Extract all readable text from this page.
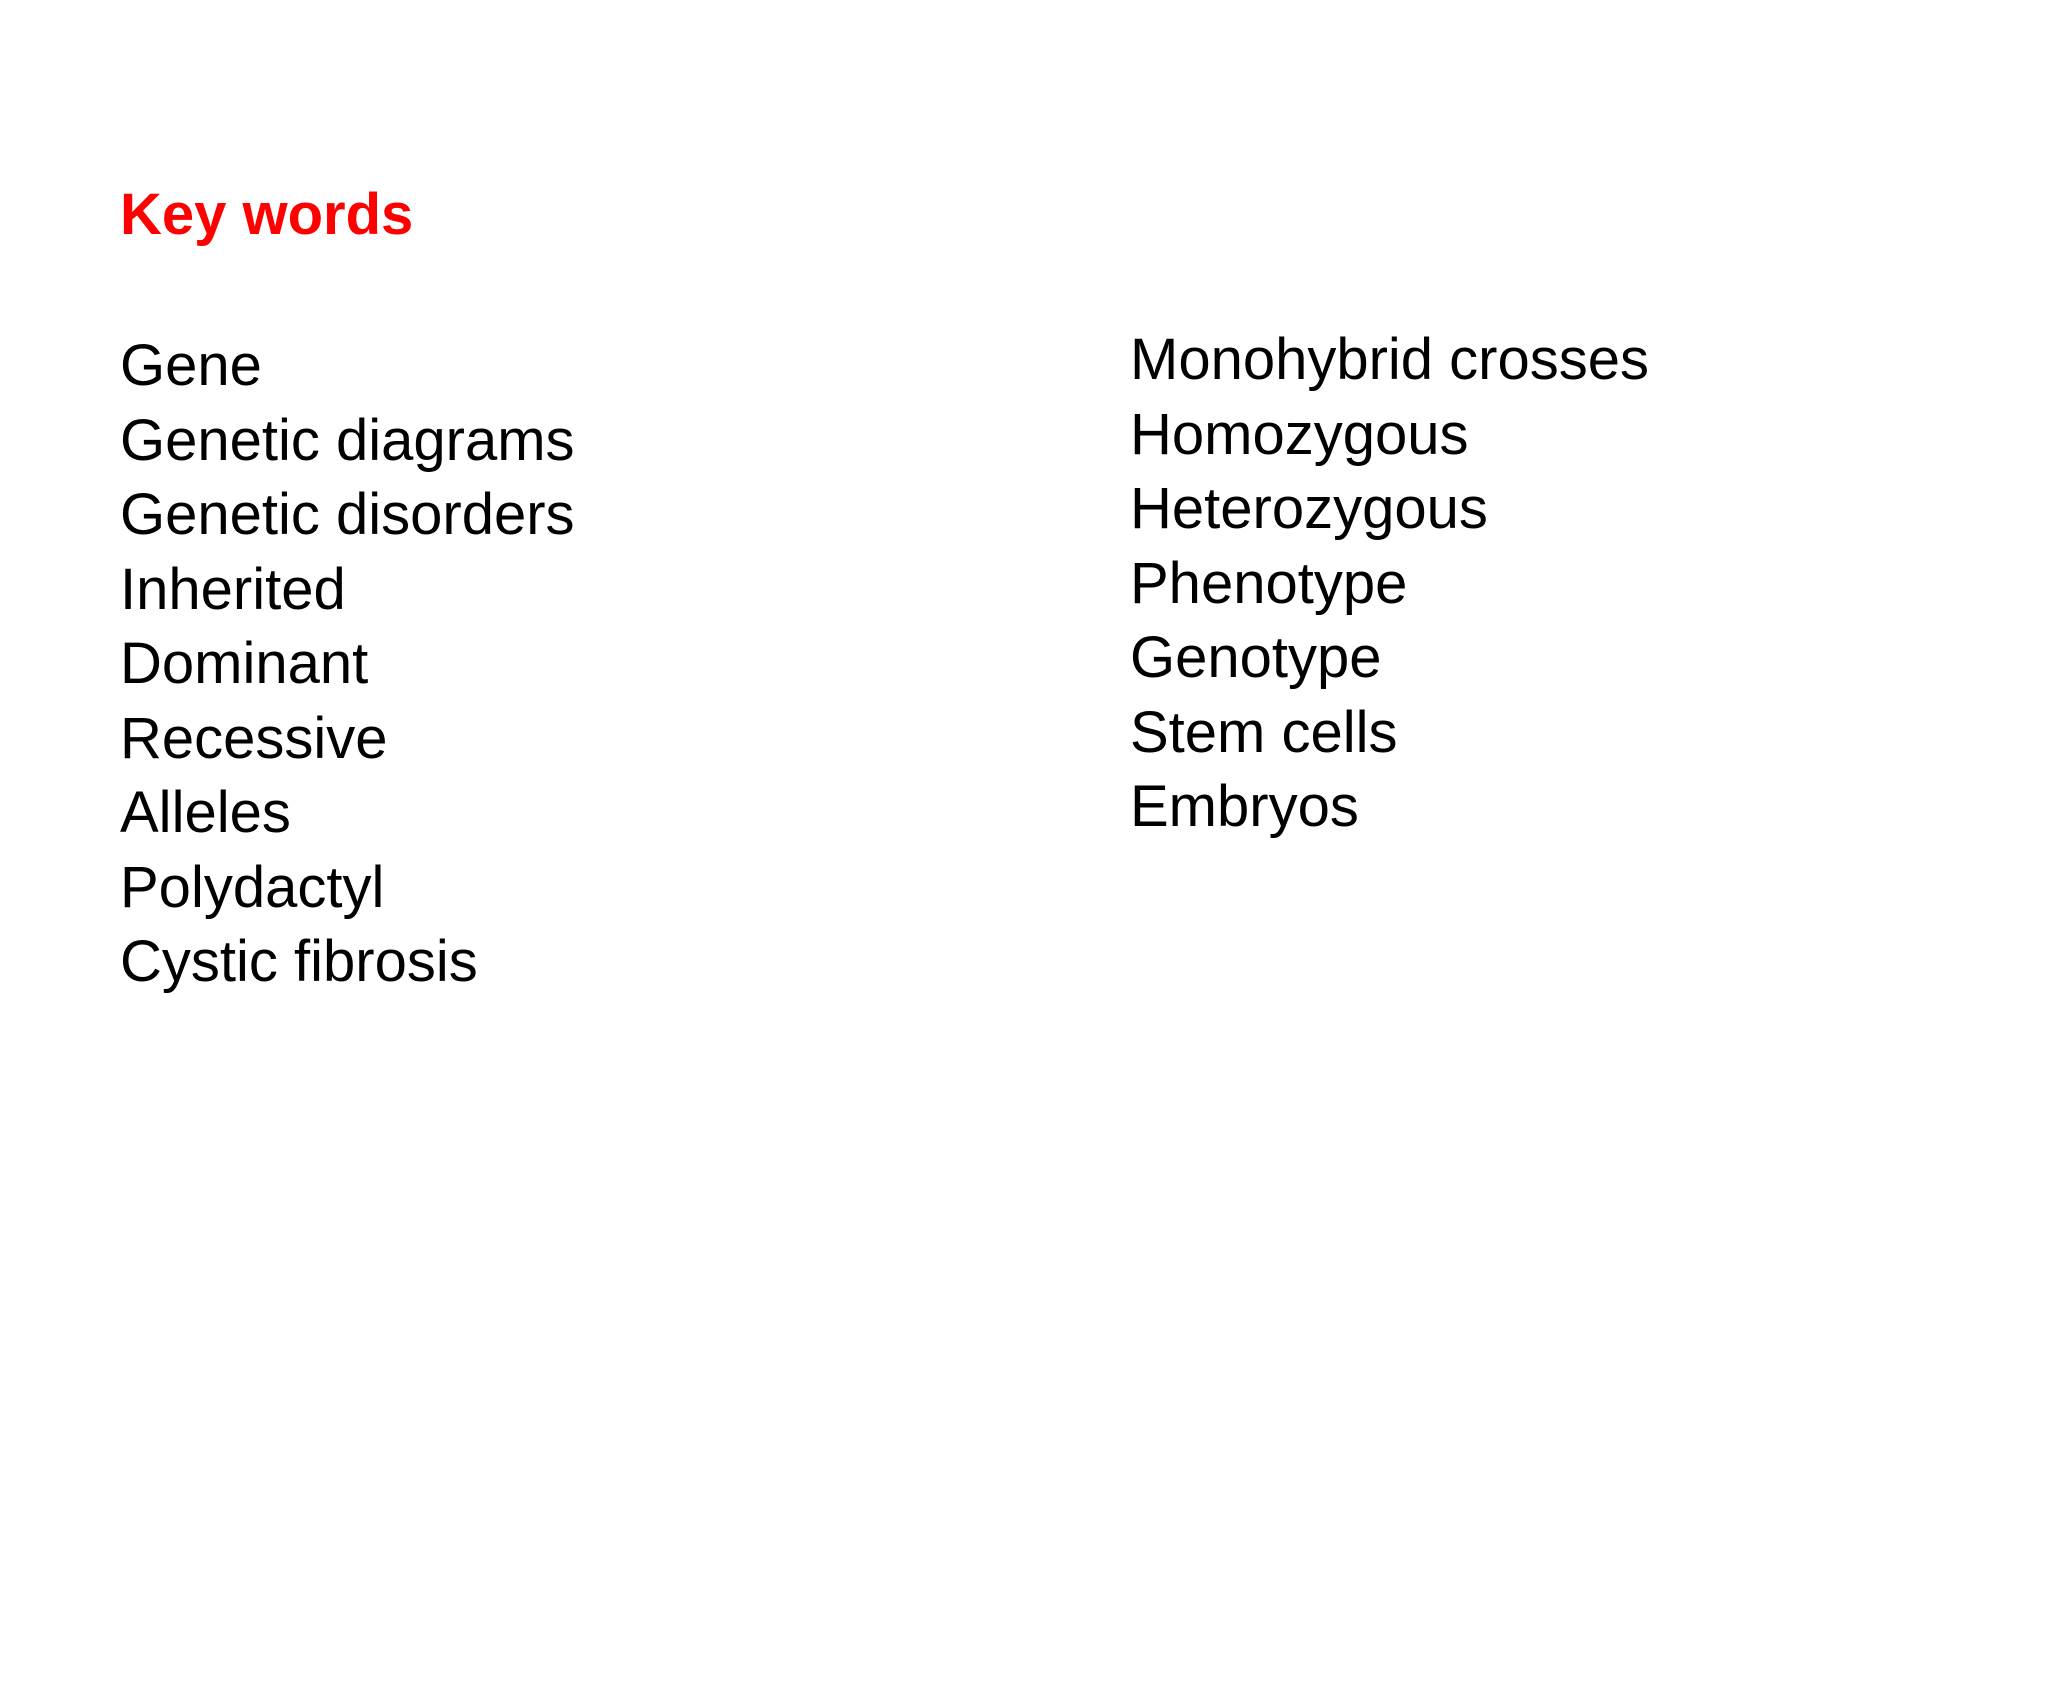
Key words
Gene
Genetic diagrams
Genetic disorders
Inherited
Dominant
Recessive
Alleles
Polydactyl
Cystic fibrosis
Monohybrid crosses
Homozygous
Heterozygous
Phenotype
Genotype
Stem cells
Embryos
